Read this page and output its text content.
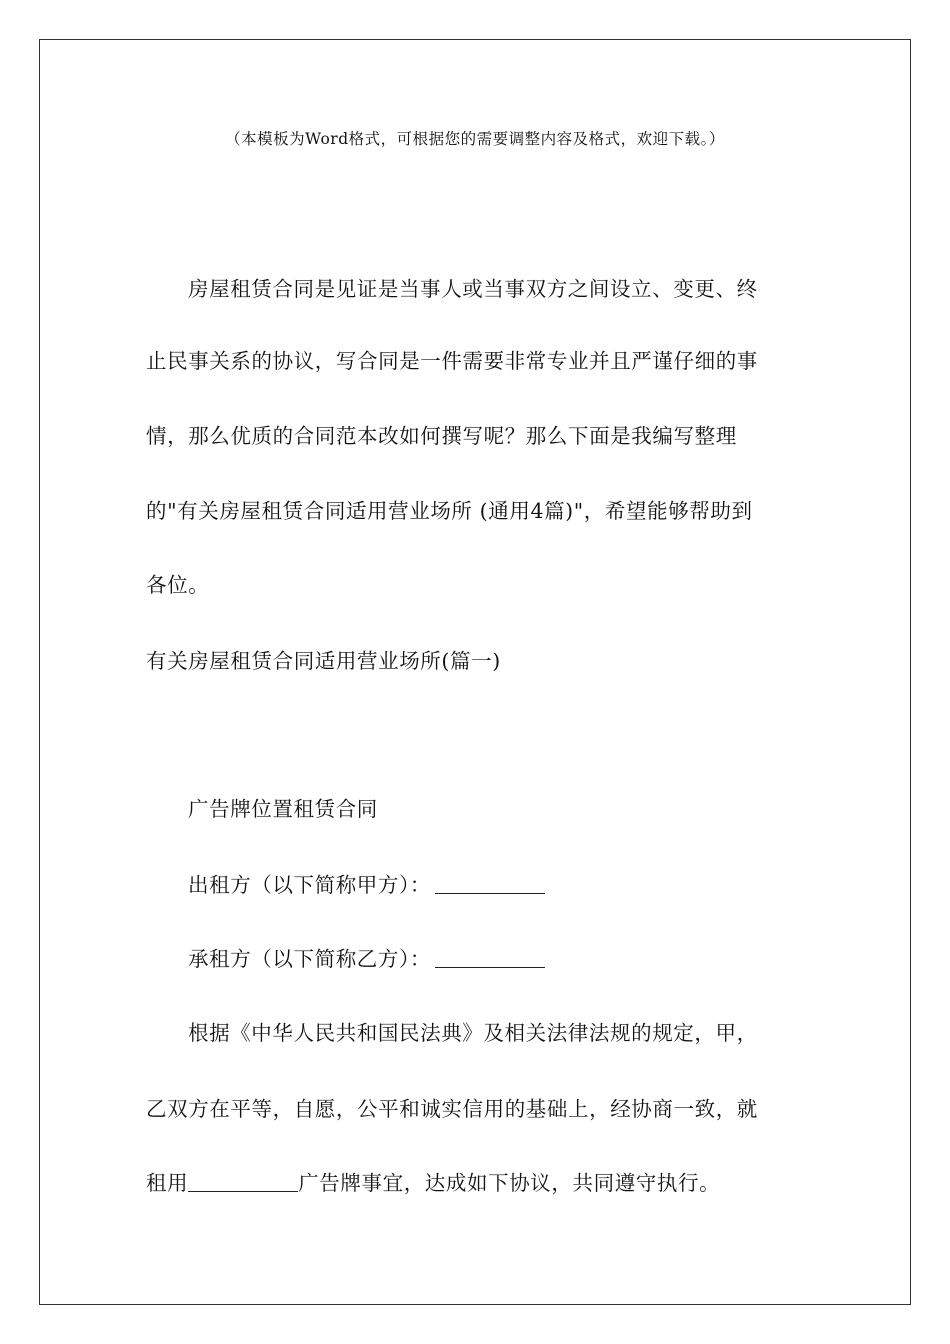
（本模板为Word格式，可根据您的需要调整内容及格式，欢迎下载。）
房屋租赁合同是见证是当事人或当事双方之间设立、变更、终
止民事关系的协议，写合同是一件需要非常专业并且严谨仔细的事
情，那么优质的合同范本改如何撰写呢？那么下面是我编写整理
的"有关房屋租赁合同适用营业场所 (通用4篇)"，希望能够帮助到
各位。
有关房屋租赁合同适用营业场所(篇一)
广告牌位置租赁合同
出租方（以下简称甲方）：
承租方（以下简称乙方）：
根据《中华人民共和国民法典》及相关法律法规的规定，甲，
乙双方在平等，自愿，公平和诚实信用的基础上，经协商一致，就
租用	广告牌事宜，达成如下协议，共同遵守执行。
